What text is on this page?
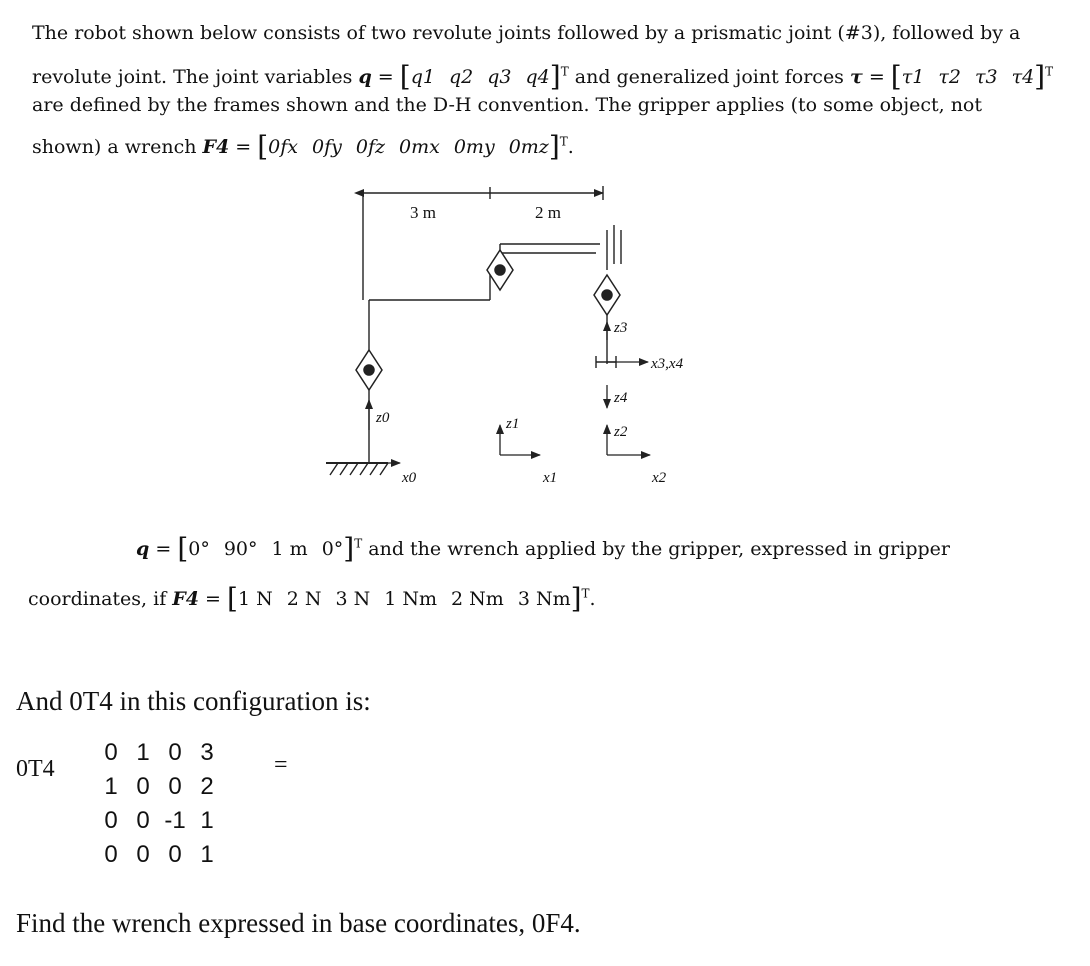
The robot shown below consists of two revolute joints followed by a prismatic joint (#3), followed by a
revolute joint. The joint variables q = [q1 q2 q3 q4]$^T$ and generalized joint forces τ = [τ1 τ2 τ3 τ4]$^T$
are defined by the frames shown and the D-H convention. The gripper applies (to some object, not
shown) a wrench F4 = [0fx 0fy 0fz 0mx 0my 0mz]$^T$.
3 m	2 m
z0
x0
z1
x1
z2
x2
z3
x3,x4
z4
q = [0° 90° 1 m 0°]$^T$ and the wrench applied by the gripper, expressed in gripper
coordinates, if F4 = [1 N 2 N 3 N 1 Nm 2 Nm 3 Nm]$^T$.
And 0T4 in this configuration is:
0T4
0	1	0	3
1	0	0	2
0	0	-1	1
0	0	0	1
=
Find the wrench expressed in base coordinates, 0F4.
